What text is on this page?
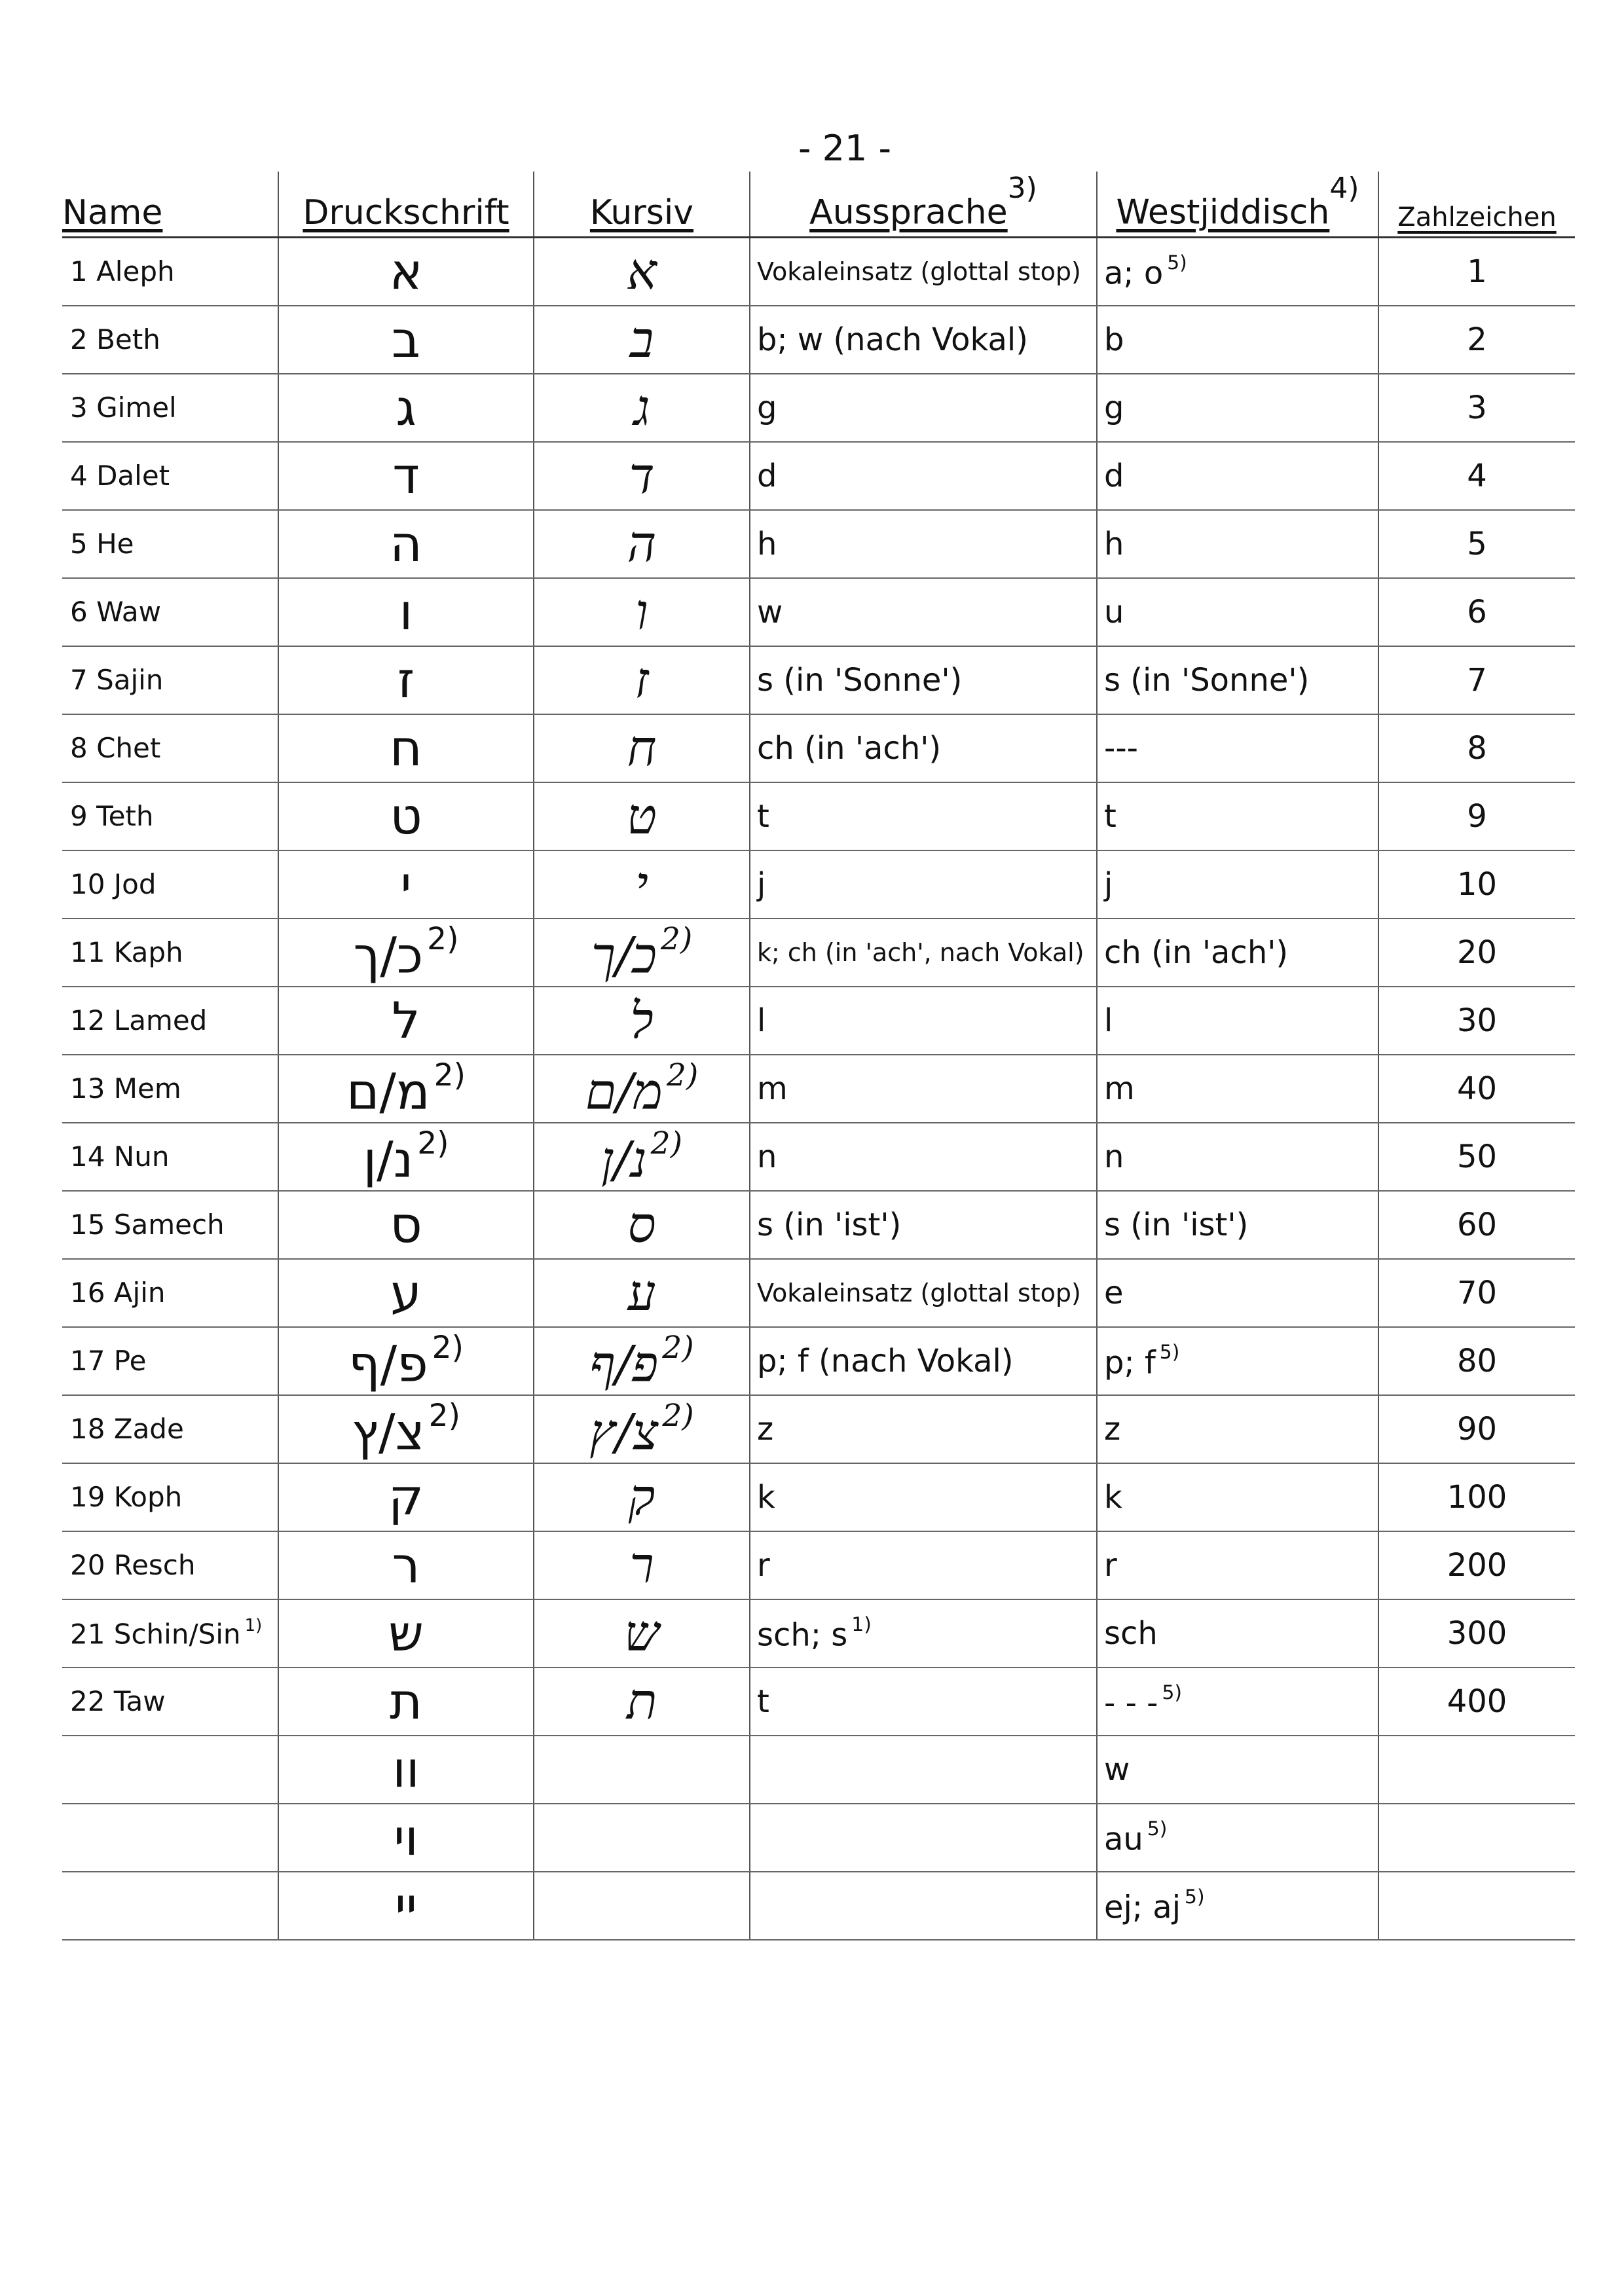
- 21 -
Name	Druckschrift	Kursiv	Aussprache3)	Westjiddisch4)	Zahlzeichen
1 Aleph	א	א	Vokaleinsatz (glottal stop)	a; o $^{5)}$	1
2 Beth	ב	ב	b; w (nach Vokal)	b	2
3 Gimel	ג	ג	g	g	3
4 Dalet	ד	ד	d	d	4
5 He	ה	ה	h	h	5
6 Waw	ו	ו	w	u	6
7 Sajin	ז	ז	s (in 'Sonne')	s (in 'Sonne')	7
8 Chet	ח	ח	ch (in 'ach')	---	8
9 Teth	ט	ט	t	t	9
10 Jod	י	י	j	j	10
11 Kaph	כ/ך $^{2)}$	כ/ך $^{2)}$	k; ch (in 'ach', nach Vokal)	ch (in 'ach')	20
12 Lamed	ל	ל	l	l	30
13 Mem	מ/ם $^{2)}$	מ/ם $^{2)}$	m	m	40
14 Nun	נ/ן $^{2)}$	נ/ן $^{2)}$	n	n	50
15 Samech	ס	ס	s (in 'ist')	s (in 'ist')	60
16 Ajin	ע	ע	Vokaleinsatz (glottal stop)	e	70
17 Pe	פ/ף $^{2)}$	פ/ף $^{2)}$	p; f (nach Vokal)	p; f $^{5)}$	80
18 Zade	צ/ץ $^{2)}$	צ/ץ $^{2)}$	z	z	90
19 Koph	ק	ק	k	k	100
20 Resch	ר	ר	r	r	200
21 Schin/Sin $^{1)}$	ש	ש	sch; s $^{1)}$	sch	300
22 Taw	ת	ת	t	- - - $^{5)}$	400
	וו			w	
	וי			au $^{5)}$	
	יי			ej; aj $^{5)}$	
